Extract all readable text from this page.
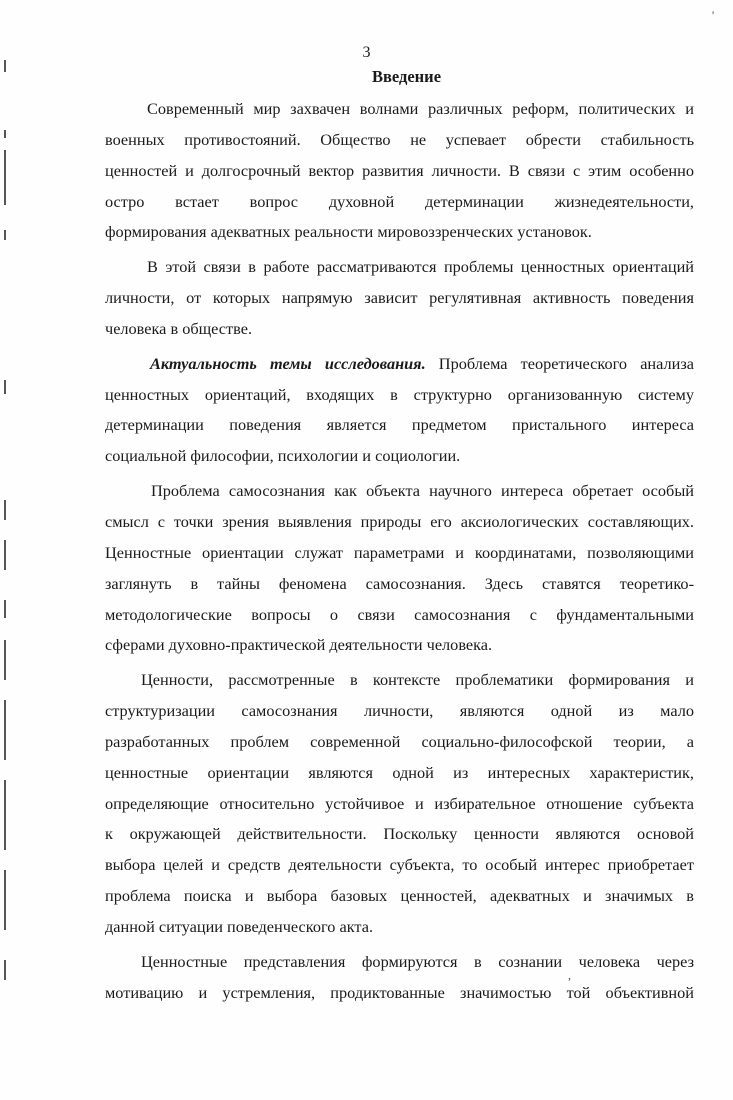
'
,
3
Введение
Современный мир захвачен волнами различных реформ, политических и
военных противостояний. Общество не успевает обрести стабильность
ценностей и долгосрочный вектор развития личности. В связи с этим особенно
остро встает вопрос духовной детерминации жизнедеятельности,
формирования адекватных реальности мировоззренческих установок.
В этой связи в работе рассматриваются проблемы ценностных ориентаций
личности, от которых напрямую зависит регулятивная активность поведения
человека в обществе.
Актуальность темы исследования. Проблема теоретического анализа
ценностных ориентаций, входящих в структурно организованную систему
детерминации поведения является предметом пристального интереса
социальной философии, психологии и социологии.
Проблема самосознания как объекта научного интереса обретает особый
смысл с точки зрения выявления природы его аксиологических составляющих.
Ценностные ориентации служат параметрами и координатами, позволяющими
заглянуть в тайны феномена самосознания. Здесь ставятся теоретико-
методологические вопросы о связи самосознания с фундаментальными
сферами духовно-практической деятельности человека.
Ценности, рассмотренные в контексте проблематики формирования и
структуризации самосознания личности, являются одной из мало
разработанных проблем современной социально-философской теории, а
ценностные ориентации являются одной из интересных характеристик,
определяющие относительно устойчивое и избирательное отношение субъекта
к окружающей действительности. Поскольку ценности являются основой
выбора целей и средств деятельности субъекта, то особый интерес приобретает
проблема поиска и выбора базовых ценностей, адекватных и значимых в
данной ситуации поведенческого акта.
Ценностные представления формируются в сознании человека через
мотивацию и устремления, продиктованные значимостью той объективной
